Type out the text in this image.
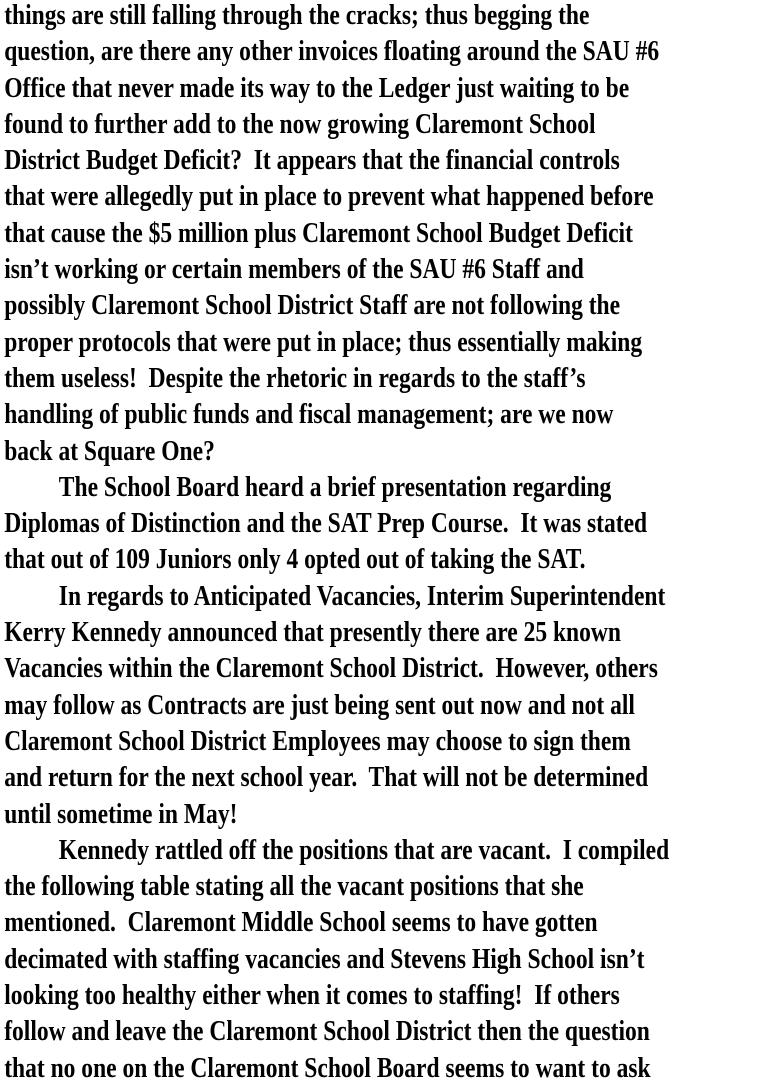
things are still falling through the cracks; thus begging the
question, are there any other invoices floating around the SAU #6
Office that never made its way to the Ledger just waiting to be
found to further add to the now growing Claremont School
District Budget Deficit?  It appears that the financial controls
that were allegedly put in place to prevent what happened before
that cause the $5 million plus Claremont School Budget Deficit
isn’t working or certain members of the SAU #6 Staff and
possibly Claremont School District Staff are not following the
proper protocols that were put in place; thus essentially making
them useless!  Despite the rhetoric in regards to the staff’s
handling of public funds and fiscal management; are we now
back at Square One?
The School Board heard a brief presentation regarding
Diplomas of Distinction and the SAT Prep Course.  It was stated
that out of 109 Juniors only 4 opted out of taking the SAT.
In regards to Anticipated Vacancies, Interim Superintendent
Kerry Kennedy announced that presently there are 25 known
Vacancies within the Claremont School District.  However, others
may follow as Contracts are just being sent out now and not all
Claremont School District Employees may choose to sign them
and return for the next school year.  That will not be determined
until sometime in May!
Kennedy rattled off the positions that are vacant.  I compiled
the following table stating all the vacant positions that she
mentioned.  Claremont Middle School seems to have gotten
decimated with staffing vacancies and Stevens High School isn’t
looking too healthy either when it comes to staffing!  If others
follow and leave the Claremont School District then the question
that no one on the Claremont School Board seems to want to ask
